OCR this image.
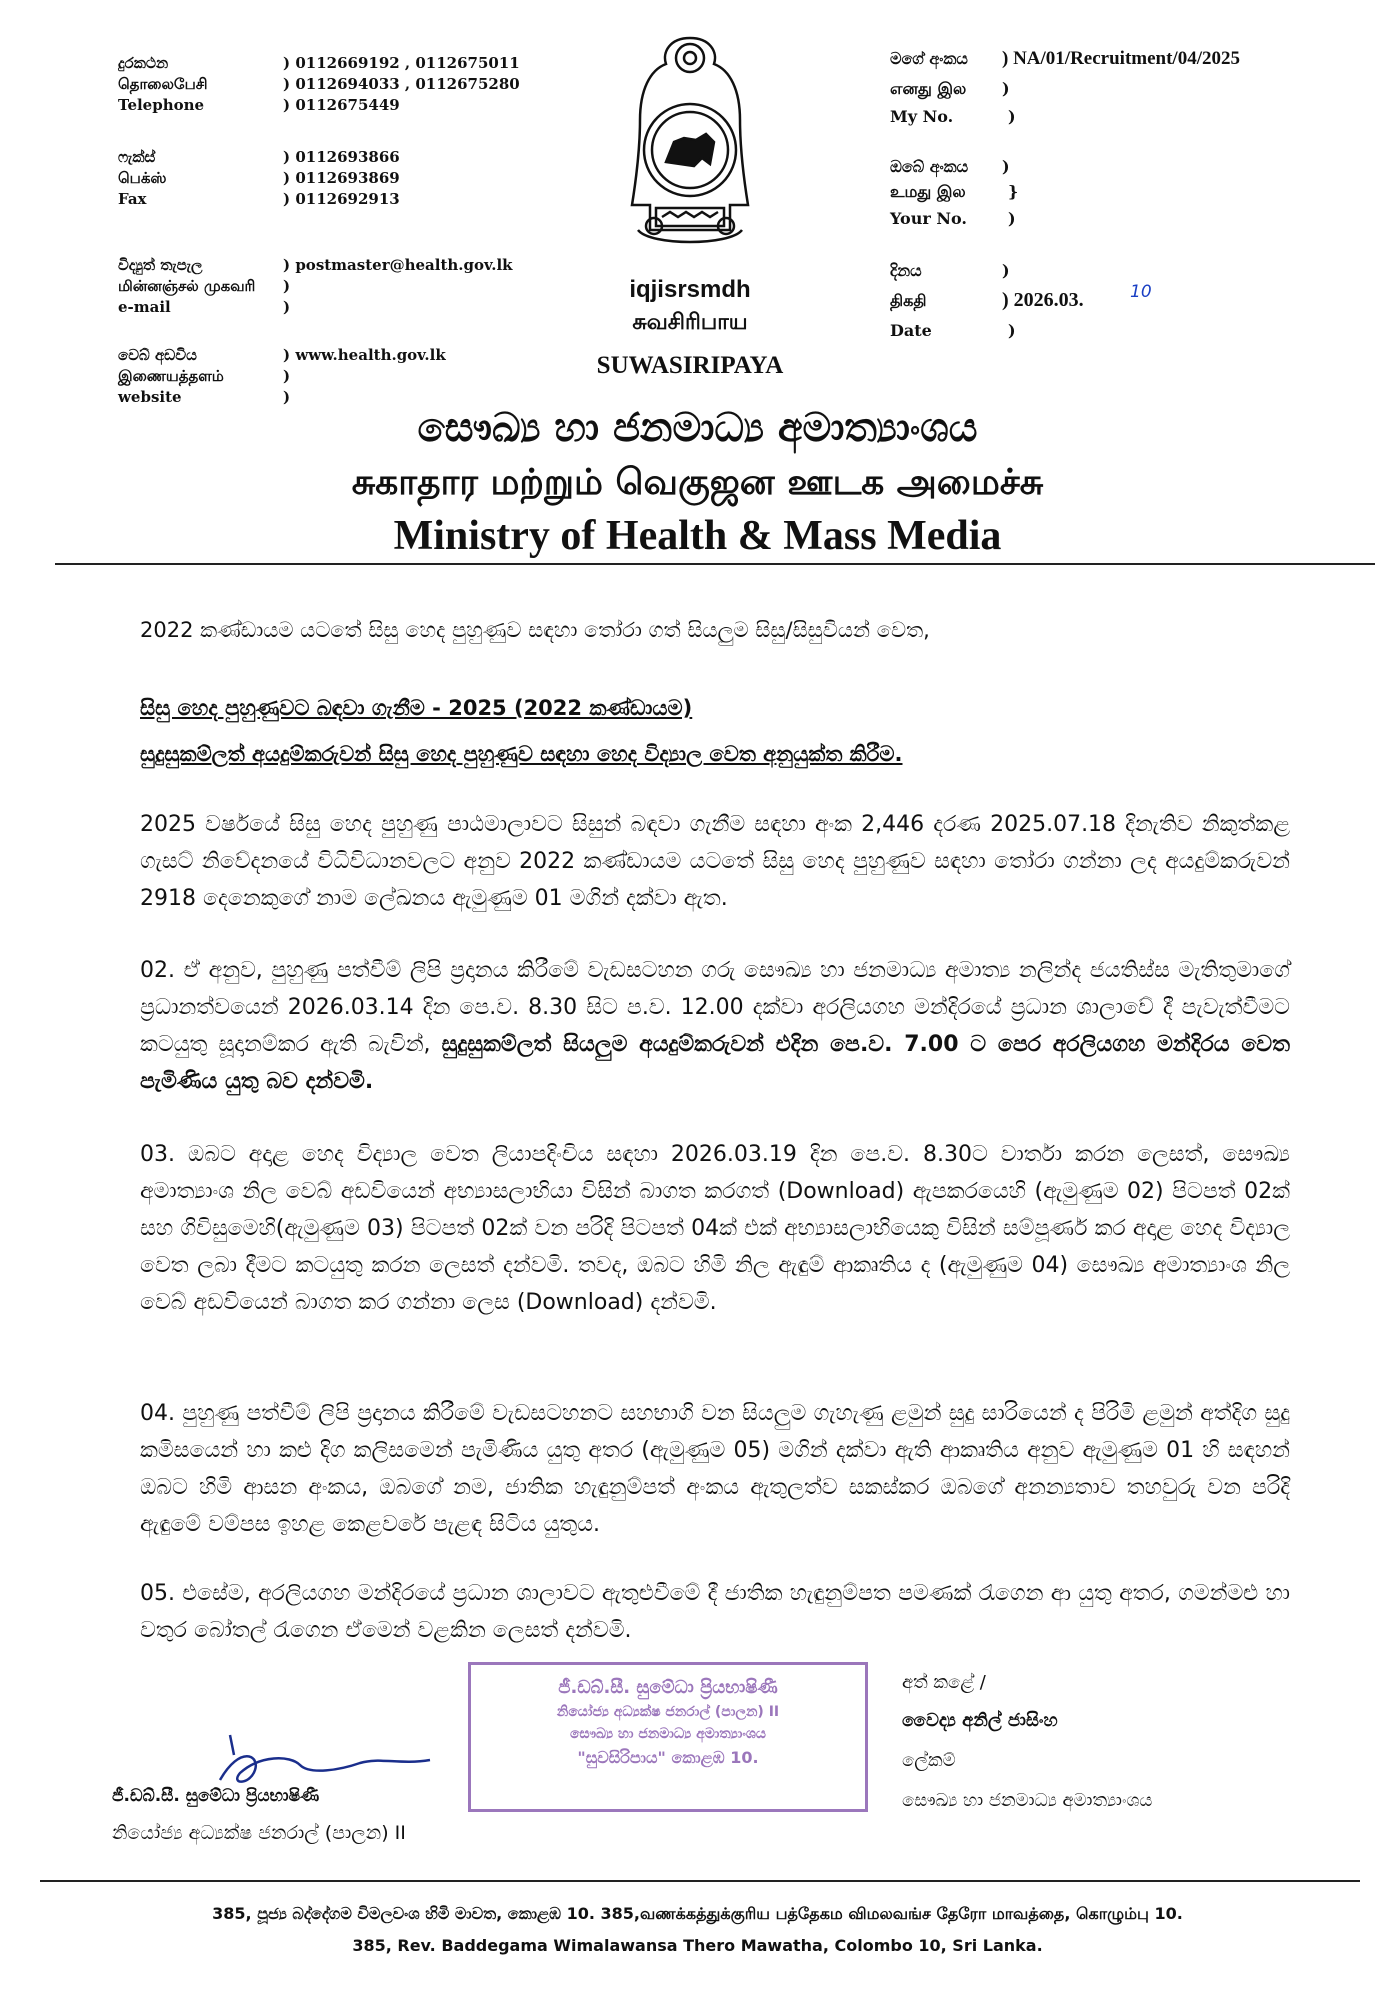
දුරකථන	) 0112669192 , 0112675011
தொலைபேசி	) 0112694033 , 0112675280
Telephone	) 0112675449
ෆැක්ස්	) 0112693866
பெக்ஸ்	) 0112693869
Fax	) 0112692913
විද්‍යුත් තැපැල	) postmaster@health.gov.lk
மின்னஞ்சல் முகவரி	)
e-mail	)
වෙබ් අඩවිය	) www.health.gov.lk
இணையத்தளம்	)
website	)
iqjisrsmdh
சுவசிரிபாய
SUWASIRIPAYA
මගේ අංකය ) NA/01/Recruitment/04/2025
எனது இல )
My No.	)
ඔබේ අංකය )
உமது இல	}
Your No.	)
දිනය	)
திகதி	) 2026.03.	10
Date	)
සෞඛ්‍ය හා ජනමාධ්‍ය අමාත්‍යාංශය
சுகாதார மற்றும் வெகுஜன ஊடக அமைச்சு
Ministry of Health & Mass Media
2022 කණ්ඩායම යටතේ සිසු හෙද පුහුණුව සඳහා තෝරා ගත් සියලුම සිසු/සිසුවියන් වෙත,
සිසු හෙද පුහුණුවට බඳවා ගැනීම - 2025 (2022 කණ්ඩායම)
සුදුසුකම්ලත් අයදුම්කරුවන් සිසු හෙද පුහුණුව සඳහා හෙද විද්‍යාල වෙත අනුයුක්ත කිරීම.
2025 වර්ෂයේ සිසු හෙද පුහුණු පාඨමාලාවට සිසුන් බඳවා ගැනීම සඳහා අංක 2,446 දරණ 2025.07.18 දිනැතිව නිකුත්කළ ගැසට් නිවේදනයේ විධිවිධානවලට අනුව 2022 කණ්ඩායම යටතේ සිසු හෙද පුහුණුව සඳහා තෝරා ගන්නා ලද අයදුම්කරුවන් 2918 දෙනෙකුගේ නාම ලේඛනය ඇමුණුම 01 මගින් දක්වා ඇත.
02. ඒ අනුව, පුහුණු පත්වීම් ලිපි ප්‍රදානය කිරීමේ වැඩසටහන ගරු සෞඛ්‍ය හා ජනමාධ්‍ය අමාත්‍ය නලින්ද ජයතිස්ස මැතිතුමාගේ ප්‍රධානත්වයෙන් 2026.03.14 දින පෙ.ව. 8.30 සිට ප.ව. 12.00 දක්වා අරලියගහ මන්දිරයේ ප්‍රධාන ශාලාවේ දී පැවැත්වීමට කටයුතු සූදානම්කර ඇති බැවින්, සුදුසුකම්ලත් සියලුම අයදුම්කරුවන් එදින පෙ.ව. 7.00 ට පෙර අරලියගහ මන්දිරය වෙත පැමිණිය යුතු බව දන්වමි.
03. ඔබට අදාළ හෙද විද්‍යාල වෙත ලියාපදිංචිය සඳහා 2026.03.19 දින පෙ.ව. 8.30ට වාර්තා කරන ලෙසත්, සෞඛ්‍ය අමාත්‍යාංශ නිල වෙබ් අඩවියෙන් අභ්‍යාසලාභියා විසින් බාගත කරගත් (Download) ඇපකරයෙහි (ඇමුණුම 02) පිටපත් 02ක් සහ ගිවිසුමෙහි(ඇමුණුම 03) පිටපත් 02ක් වන පරිදි පිටපත් 04ක් එක් අභ්‍යාසලාභියෙකු විසින් සම්පූර්ණ කර අදාළ හෙද විද්‍යාල වෙත ලබා දීමට කටයුතු කරන ලෙසත් දන්වමි. තවද, ඔබට හිමි නිල ඇඳුම් ආකෘතිය ද (ඇමුණුම 04) සෞඛ්‍ය අමාත්‍යාංශ නිල වෙබ් අඩවියෙන් බාගත කර ගන්නා ලෙස (Download) දන්වමි.
04. පුහුණු පත්වීම් ලිපි ප්‍රදානය කිරීමේ වැඩසටහනට සහභාගි වන සියලුම ගැහැණු ළමුන් සුදු සාරියෙන් ද පිරිමි ළමුන් අත්දිග සුදු කමිසයෙන් හා කළු දිග කලිසමෙන් පැමිණිය යුතු අතර (ඇමුණුම 05) මගින් දක්වා ඇති ආකෘතිය අනුව ඇමුණුම 01 හි සඳහන් ඔබට හිමි ආසන අංකය, ඔබගේ නම, ජාතික හැඳුනුම්පත් අංකය ඇතුලත්ව සකස්කර ඔබගේ අනන්‍යතාව තහවුරු වන පරිදි ඇඳුමේ වම්පස ඉහළ කෙළවරේ පැළඳ සිටිය යුතුය.
05. එසේම, අරලියගහ මන්දිරයේ ප්‍රධාන ශාලාවට ඇතුළුවීමේ දී ජාතික හැඳුනුම්පත පමණක් රැගෙන ආ යුතු අතර, ගමන්මළු හා වතුර බෝතල් රැගෙන ඒමෙන් වළකින ලෙසත් දන්වමි.
ජී.ඩබ්.සී. සුමේධා ප්‍රියභාෂිණී
නියෝජ්‍ය අධ්‍යක්ෂ ජනරාල් (පාලන) II
සෞඛ්‍ය හා ජනමාධ්‍ය අමාත්‍යාංශය
"සුවසිරිපාය" කොළඹ 10.
ජී.ඩබ්.සී. සුමේධා ප්‍රියභාෂිණී
නියෝජ්‍ය අධ්‍යක්ෂ ජනරාල් (පාලන) II
අත් කළේ /
වෛද්‍ය අනිල් ජාසිංහ
ලේකම්
සෞඛ්‍ය හා ජනමාධ්‍ය අමාත්‍යාංශය
385, පූජ්‍ය බද්දේගම විමලවංශ හිමි මාවත, කොළඹ 10. 385,வணக்கத்துக்குரிய பத்தேகம விமலவங்ச தேரோ மாவத்தை, கொழும்பு 10.
385, Rev. Baddegama Wimalawansa Thero Mawatha, Colombo 10, Sri Lanka.
